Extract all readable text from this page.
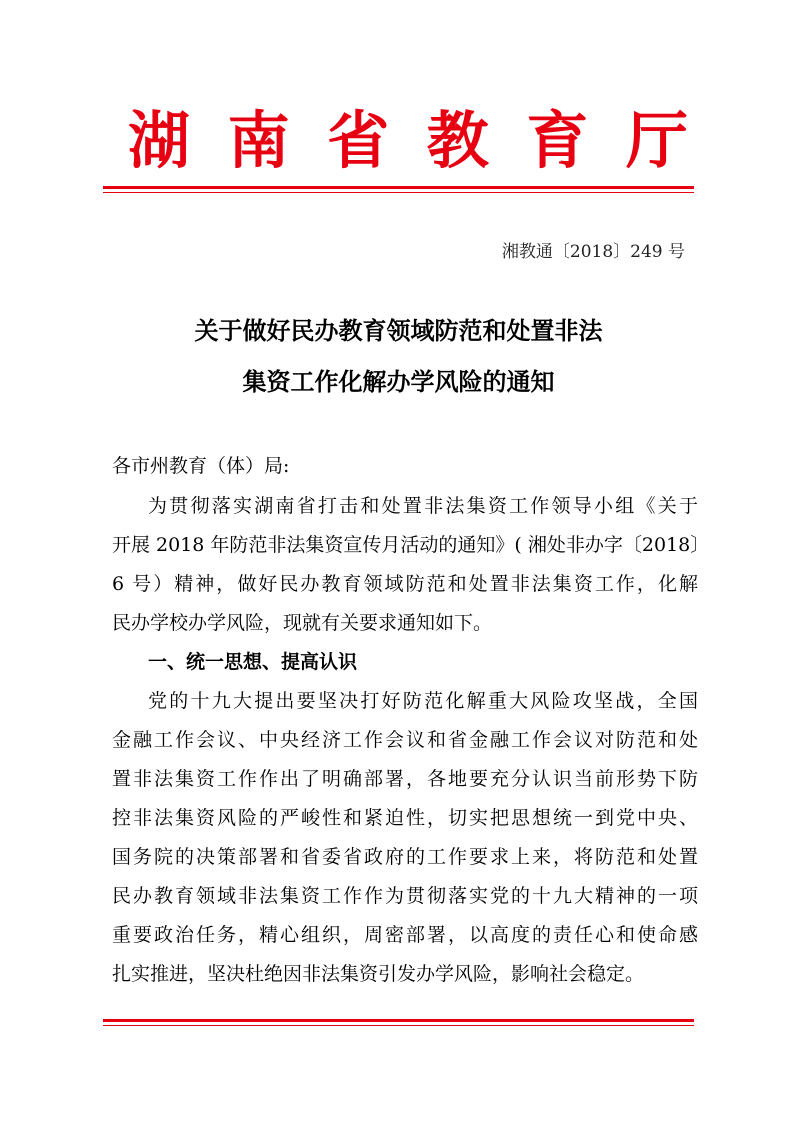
湖 南 省 教 育 厅
湘教通〔2018〕249 号
关于做好民办教育领域防范和处置非法
集资工作化解办学风险的通知
各市州教育（体）局:
为贯彻落实湖南省打击和处置非法集资工作领导小组《关于
开展 2018 年防范非法集资宣传月活动的通知》( 湘处非办字〔2018〕
6 号）精神，做好民办教育领域防范和处置非法集资工作，化解
民办学校办学风险，现就有关要求通知如下。
一、统一思想、提高认识
党的十九大提出要坚决打好防范化解重大风险攻坚战，全国
金融工作会议、中央经济工作会议和省金融工作会议对防范和处
置非法集资工作作出了明确部署，各地要充分认识当前形势下防
控非法集资风险的严峻性和紧迫性，切实把思想统一到党中央、
国务院的决策部署和省委省政府的工作要求上来，将防范和处置
民办教育领域非法集资工作作为贯彻落实党的十九大精神的一项
重要政治任务，精心组织，周密部署，以高度的责任心和使命感
扎实推进，坚决杜绝因非法集资引发办学风险，影响社会稳定。
